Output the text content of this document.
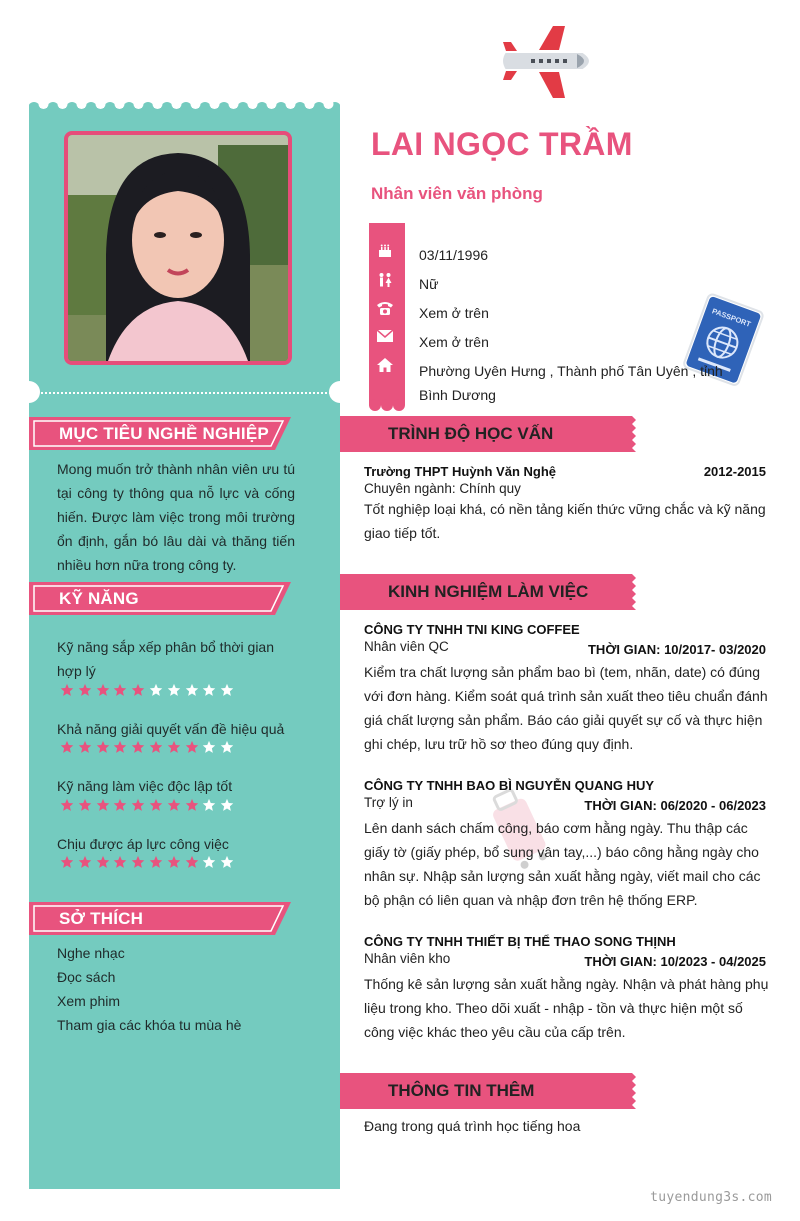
PASSPORT
MỤC TIÊU NGHỀ NGHIỆP
Mong muốn trở thành nhân viên ưu tú tại công ty thông qua nỗ lực và cống hiến. Được làm việc trong môi trường ổn định, gắn bó lâu dài và thăng tiến nhiều hơn nữa trong công ty.
KỸ NĂNG
Kỹ năng sắp xếp phân bổ thời gian hợp lý
Khả năng giải quyết vấn đề hiệu quả
Kỹ năng làm việc độc lập tốt
Chịu được áp lực công việc
SỞ THÍCH
Nghe nhạc
Đọc sách
Xem phim
Tham gia các khóa tu mùa hè
LAI NGỌC TRẦM
Nhân viên văn phòng
03/11/1996
Nữ
Xem ở trên
Xem ở trên
Phường Uyên Hưng , Thành phố Tân Uyên , tỉnh Bình Dương
TRÌNH ĐỘ HỌC VẤN
Trường THPT Huỳnh Văn Nghệ	2012-2015
Chuyên ngành: Chính quy
Tốt nghiệp loại khá, có nền tảng kiến thức vững chắc và kỹ năng giao tiếp tốt.
KINH NGHIỆM LÀM VIỆC
CÔNG TY TNHH TNI KING COFFEE
Nhân viên QC	THỜI GIAN: 10/2017- 03/2020
Kiểm tra chất lượng sản phẩm bao bì (tem, nhãn, date) có đúng với đơn hàng. Kiểm soát quá trình sản xuất theo tiêu chuẩn đánh giá chất lượng sản phẩm. Báo cáo giải quyết sự cố và thực hiện ghi chép, lưu trữ hồ sơ theo đúng quy định.
CÔNG TY TNHH BAO BÌ NGUYỄN QUANG HUY
Trợ lý in	THỜI GIAN: 06/2020 - 06/2023
Lên danh sách chấm công, báo cơm hằng ngày. Thu thập các giấy tờ (giấy phép, bổ sung vân tay,...) báo công hằng ngày cho nhân sự. Nhập sản lượng sản xuất hằng ngày, viết mail cho các bộ phận có liên quan và nhập đơn trên hệ thống ERP.
CÔNG TY TNHH THIẾT BỊ THỂ THAO SONG THỊNH
Nhân viên kho	THỜI GIAN: 10/2023 - 04/2025
Thống kê sản lượng sản xuất hằng ngày. Nhận và phát hàng phụ liệu trong kho. Theo dõi xuất - nhập - tồn và thực hiện một số công việc khác theo yêu cầu của cấp trên.
THÔNG TIN THÊM
Đang trong quá trình học tiếng hoa
tuyendung3s.com
